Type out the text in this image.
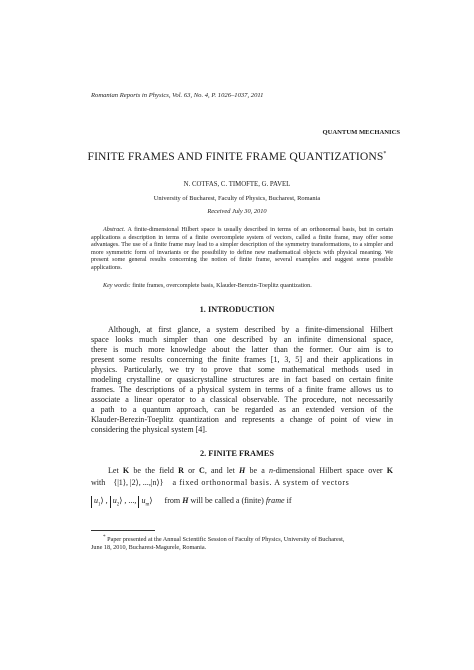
Romanian Reports in Physics, Vol. 63, No. 4, P. 1026–1037, 2011
QUANTUM MECHANICS
FINITE FRAMES AND FINITE FRAME QUANTIZATIONS*
N. COTFAS, C. TIMOFTE, G. PAVEL
University of Bucharest, Faculty of Physics, Bucharest, Romania
Received July 30, 2010
Abstract. A finite-dimensional Hilbert space is usually described in terms of an orthonormal basis, but in certain applications a description in terms of a finite overcomplete system of vectors, called a finite frame, may offer some advantages. The use of a finite frame may lead to a simpler description of the symmetry transformations, to a simpler and more symmetric form of invariants or the possibility to define new mathematical objects with physical meaning. We present some general results concerning the notion of finite frame, several examples and suggest some possible applications.
Key words: finite frames, overcomplete basis, Klauder-Berezin-Toeplitz quantization.
1. INTRODUCTION
Although, at first glance, a system described by a finite-dimensional Hilbert
space looks much simpler than one described by an infinite dimensional space,
there is much more knowledge about the latter than the former. Our aim is to
present some results concerning the finite frames [1, 3, 5] and their applications in
physics. Particularly, we try to prove that some mathematical methods used in
modeling crystalline or quasicrystalline structures are in fact based on certain finite
frames. The descriptions of a physical system in terms of a finite frame allows us to
associate a linear operator to a classical observable. The procedure, not necessarily
a path to a quantum approach, can be regarded as an extended version of the
Klauder-Berezin-Toeplitz quantization and represents a change of point of view in
considering the physical system [4].
2. FINITE FRAMES
Let K be the field R or C, and let H be a n-dimensional Hilbert space over K
with {|1⟩, |2⟩, ...,|n⟩} a fixed orthonormal basis. A system of vectors
$u_1$ ⟩, $u_2$ ⟩, ..., $u_m$ ⟩ from H will be called a (finite) frame if
* Paper presented at the Annual Scientific Session of Faculty of Physics, University of Bucharest,
June 18, 2010, Bucharest-Magurele, Romania.
